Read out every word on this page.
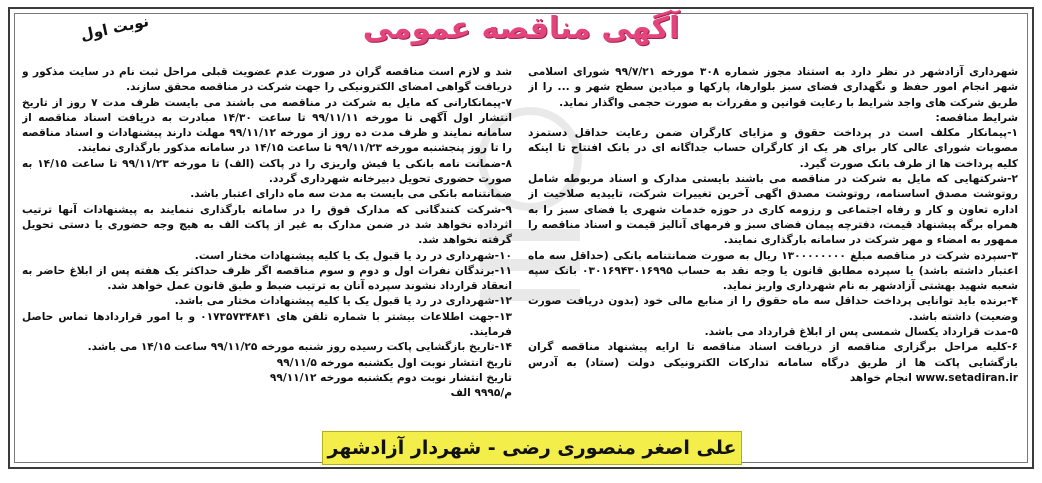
آگهی مناقصه عمومی
نوبت اول

شهرداری آزادشهر در نظر دارد به استناد مجوز شماره ۳۰۸ مورخه ۹۹/۷/۲۱ شورای اسلامی شهر انجام امور حفظ و نگهداری فضای سبز بلوارها، پارکها و میادین سطح شهر و ... را از طریق شرکت های واجد شرایط با رعایت قوانین و مقررات به صورت حجمی واگذار نماید.

شرایط مناقصه:

۱-پیمانکار مکلف است در پرداخت حقوق و مزایای کارگران ضمن رعایت حداقل دستمزد مصوبات شورای عالی کار برای هر یک از کارگران حساب جداگانه ای در بانک افتتاح تا اینکه کلیه پرداخت ها از طرف بانک صورت گیرد.

۲-شرکتهایی که مایل به شرکت در مناقصه می باشند بایستی مدارک و اسناد مربوطه شامل روتوشت مصدق اساسنامه، روتوشت مصدق اگهی آخرین تغییرات شرکت، تاییدیه صلاحیت از اداره تعاون و کار و رفاه اجتماعی و رزومه کاری در حوزه خدمات شهری یا فضای سبز را به همراه برگه پیشنهاد قیمت، دفترچه پیمان فضای سبز و فرمهای آنالیز قیمت و اسناد مناقصه را ممهور به امضاء و مهر شرکت در سامانه بارگذاری نمایند.

۳-سپرده شرکت در مناقصه مبلغ ۱۳۰۰۰۰۰۰۰۰ ریال به صورت ضمانتنامه بانکی (حداقل سه ماه اعتبار داشته باشد) یا سپرده مطابق قانون یا وجه نقد به حساب ۰۳۰۱۶۹۴۳۰۱۶۹۹۵ بانک سپه شعبه شهید بهشتی آزادشهر به نام شهرداری واریز نماید.

۴-برنده باید توانایی پرداخت حداقل سه ماه حقوق را از منابع مالی خود (بدون دریافت صورت وضعیت) داشته باشد.

۵-مدت قرارداد یکسال شمسی پس از ابلاغ قرارداد می باشد.

۶-کلیه مراحل برگزاری مناقصه از دریافت اسناد مناقصه تا ارایه پیشنهاد مناقصه گران بازگشایی پاکت ها از طریق درگاه سامانه تدارکات الکترونیکی دولت (ستاد) به آدرس www.setadiran.ir انجام خواهد

شد و لازم است مناقصه گران در صورت عدم عضویت قبلی مراحل ثبت نام در سایت مذکور و دریافت گواهی امضای الکترونیکی را جهت شرکت در مناقصه محقق سازند.

۷-پیمانکارانی که مایل به شرکت در مناقصه می باشند می بایست ظرف مدت ۷ روز از تاریخ انتشار اول آگهی تا مورخه ۹۹/۱۱/۱۱ تا ساعت ۱۴/۳۰ مبادرت به دریافت اسناد مناقصه از سامانه نمایند و ظرف مدت ده روز از مورخه ۹۹/۱۱/۱۲ مهلت دارند پیشنهادات و اسناد مناقصه را تا روز پنجشنبه مورخه ۹۹/۱۱/۲۳ تا ساعت ۱۴/۱۵ در سامانه مذکور بارگذاری نمایند.

۸-ضمانت نامه بانکی یا فیش واریزی را در پاکت (الف) تا مورخه ۹۹/۱۱/۲۳ تا ساعت ۱۴/۱۵ به صورت حضوری تحویل دبیرخانه شهرداری گردد.

ضمانتنامه بانکی می بایست به مدت سه ماه دارای اعتبار باشد.

۹-شرکت کنندگانی که مدارک فوق را در سامانه بارگذاری ننمایند به پیشنهادات آنها ترتیب اثرداده نخواهد شد در ضمن مدارک به غیر از پاکت الف به هیچ وجه حضوری یا دستی تحویل گرفته نخواهد شد.

۱۰-شهرداری در رد یا قبول یک یا کلیه پیشنهادات مختار است.

۱۱-برندگان نفرات اول و دوم و سوم مناقصه اگر ظرف حداکثر یک هفته پس از ابلاغ حاضر به انعقاد قرارداد نشوند سپرده آنان به ترتیب ضبط و طبق قانون عمل خواهد شد.

۱۲-شهرداری در رد یا قبول یک یا کلیه پیشنهادات مختار می باشد.

۱۳-جهت اطلاعات بیشتر با شماره تلفن های ۰۱۷۳۵۷۳۴۸۴۱ و با امور قراردادها تماس حاصل فرمایند.

۱۴-تاریخ بازگشایی پاکت رسیده روز شنبه مورخه ۹۹/۱۱/۲۵ ساعت ۱۴/۱۵ می باشد.

تاریخ انتشار نوبت اول یکشنبه مورخه ۹۹/۱۱/۵

تاریخ انتشار نوبت دوم یکشنبه مورخه ۹۹/۱۱/۱۲

م/۹۹۹۵ الف

علی اصغر منصوری رضی - شهردار آزادشهر
